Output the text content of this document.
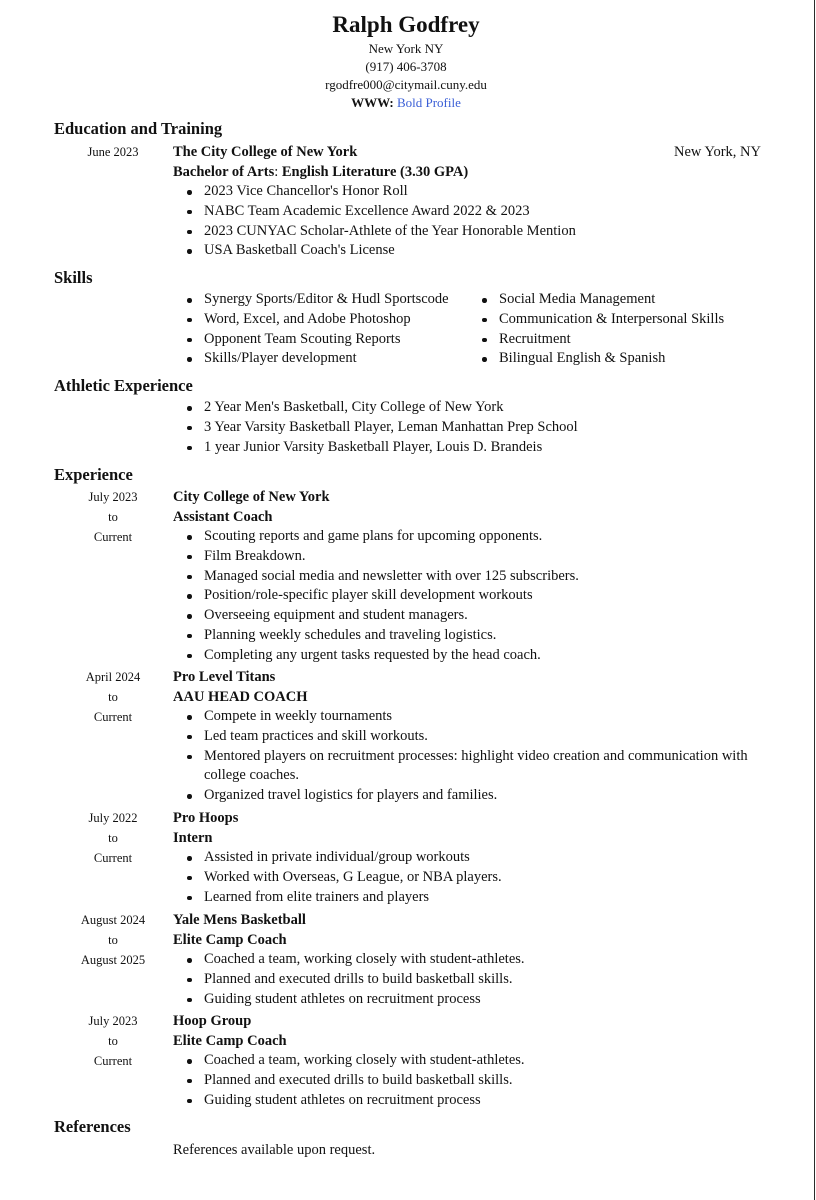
Ralph Godfrey
New York NY
(917) 406-3708
rgodfre000@citymail.cuny.edu
WWW: Bold Profile
Education and Training
June 2023	The City College of New York	New York, NY
Bachelor of Arts: English Literature (3.30 GPA)
2023 Vice Chancellor's Honor Roll
NABC Team Academic Excellence Award 2022 & 2023
2023 CUNYAC Scholar-Athlete of the Year Honorable Mention
USA Basketball Coach's License
Skills
Synergy Sports/Editor & Hudl Sportscode
Word, Excel, and Adobe Photoshop
Opponent Team Scouting Reports
Skills/Player development
Social Media Management
Communication & Interpersonal Skills
Recruitment
Bilingual English & Spanish
Athletic Experience
2 Year Men's Basketball, City College of New York
3 Year Varsity Basketball Player, Leman Manhattan Prep School
1 year Junior Varsity Basketball Player, Louis D. Brandeis
Experience
July 2023
to
Current
City College of New York
Assistant Coach
Scouting reports and game plans for upcoming opponents.
Film Breakdown.
Managed social media and newsletter with over 125 subscribers.
Position/role-specific player skill development workouts
Overseeing equipment and student managers.
Planning weekly schedules and traveling logistics.
Completing any urgent tasks requested by the head coach.
April 2024
to
Current
Pro Level Titans
AAU HEAD COACH
Compete in weekly tournaments
Led team practices and skill workouts.
Mentored players on recruitment processes: highlight video creation and communication with college coaches.
Organized travel logistics for players and families.
July 2022
to
Current
Pro Hoops
Intern
Assisted in private individual/group workouts
Worked with Overseas, G League, or NBA players.
Learned from elite trainers and players
August 2024
to
August 2025
Yale Mens Basketball
Elite Camp Coach
Coached a team, working closely with student-athletes.
Planned and executed drills to build basketball skills.
Guiding student athletes on recruitment process
July 2023
to
Current
Hoop Group
Elite Camp Coach
Coached a team, working closely with student-athletes.
Planned and executed drills to build basketball skills.
Guiding student athletes on recruitment process
References
References available upon request.
